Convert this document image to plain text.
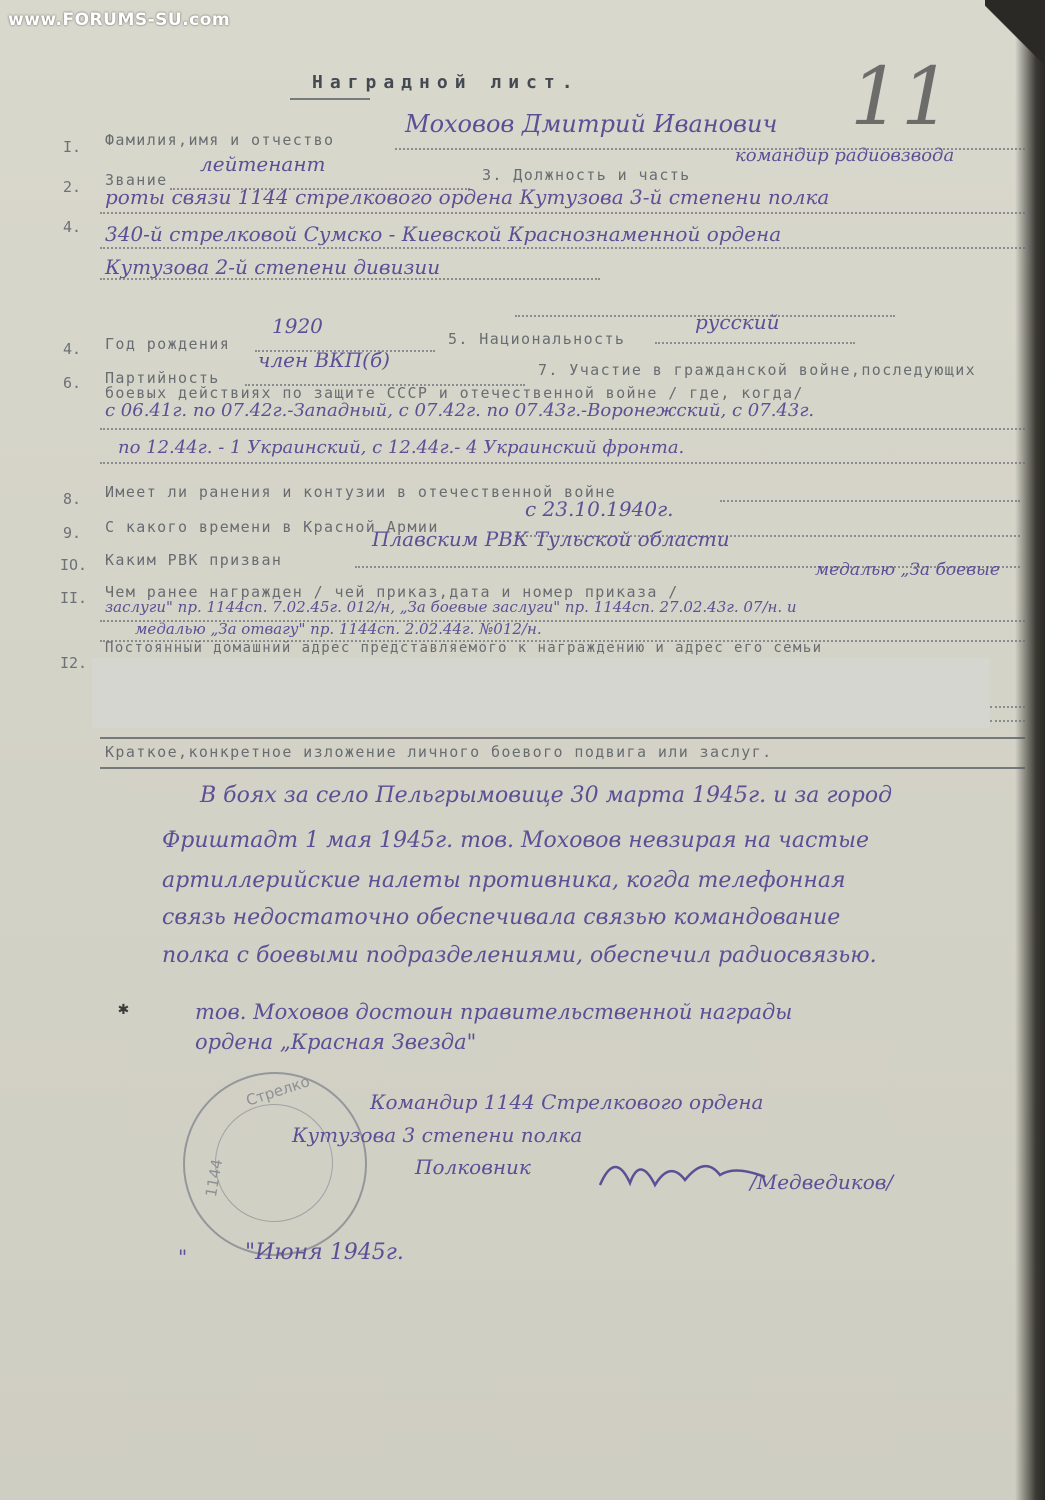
www.FORUMS-SU.com
11
Наградной лист.
I. Фамилия,имя и отчество
Моховов Дмитрий Иванович
2. Звание
лейтенант	3. Должность и часть
командир радиовзвода
роты связи 1144 стрелкового ордена Кутузова 3-й степени полка
4. 340-й стрелковой Сумско - Киевской Краснознаменной ордена
Кутузова 2-й степени дивизии
4. Год рождения
1920
5. Национальность
русский
6. Партийность
член ВКП(б)	7. Участие в гражданской войне,последующих
боевых действиях по защите СССР и отечественной войне / где, когда/
с 06.41г. по 07.42г.-Западный, с 07.42г. по 07.43г.-Воронежский, с 07.43г.
по 12.44г. - 1 Украинский, с 12.44г.- 4 Украинский фронта.
8. Имеет ли ранения и контузии в отечественной войне
9. С какого времени в Красной Армии
с 23.10.1940г.
IO. Каким РВК призван
Плавским РВК Тульской области
II. Чем ранее награжден / чей приказ,дата и номер приказа /
медалью „За боевые
заслуги" пр. 1144сп. 7.02.45г. 012/н, „За боевые заслуги" пр. 1144сп. 27.02.43г. 07/н. и
медалью „За отвагу" пр. 1144сп. 2.02.44г. №012/н.
I2.
Постоянный домашний адрес представляемого к награждению и адрес его семьи
Краткое,конкретное изложение личного боевого подвига или заслуг.
В боях за село Пельгрымовице 30 марта 1945г. и за город
Фриштадт 1 мая 1945г. тов. Моховов невзирая на частые
артиллерийские налеты противника, когда телефонная
связь недостаточно обеспечивала связью командование
полка с боевыми подразделениями, обеспечил радиосвязью.
✱	тов. Моховов достоин правительственной награды
ордена „Красная Звезда"
Стрелко
1144
Командир 1144 Стрелкового ордена
Кутузова 3 степени полка
Полковник
/Медведиков/
"	"Июня 1945г.
